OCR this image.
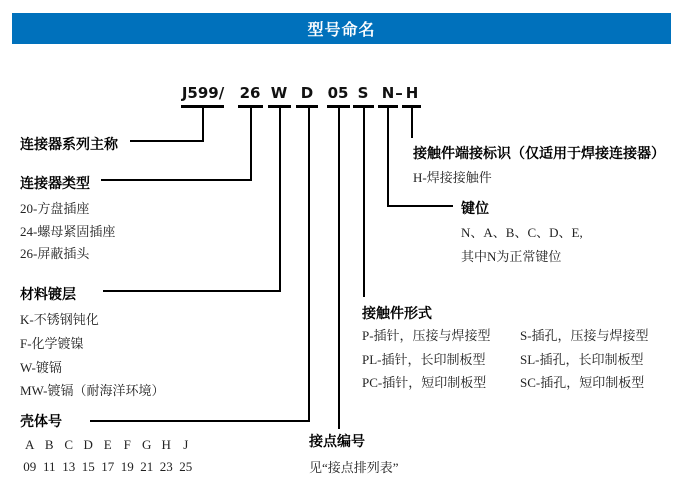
型号命名
J599/ 26 W D 05 S N – H
连接器系列主称
连接器类型
20-方盘插座
24-螺母紧固插座
26-屏蔽插头
材料镀层
K-不锈钢钝化
F-化学镀镍
W-镀镉
MW-镀镉（耐海洋环境）
壳体号
A B C D E F G H J
09 11 13 15 17 19 21 23 25
接触件端接标识（仅适用于焊接连接器）
H-焊接接触件
键位
N、A、B、C、D、E,
其中N为正常键位
接触件形式
P-插针，压接与焊接型
PL-插针，长印制板型
PC-插针，短印制板型
S-插孔，压接与焊接型
SL-插孔，长印制板型
SC-插孔，短印制板型
接点编号
见“接点排列表”
